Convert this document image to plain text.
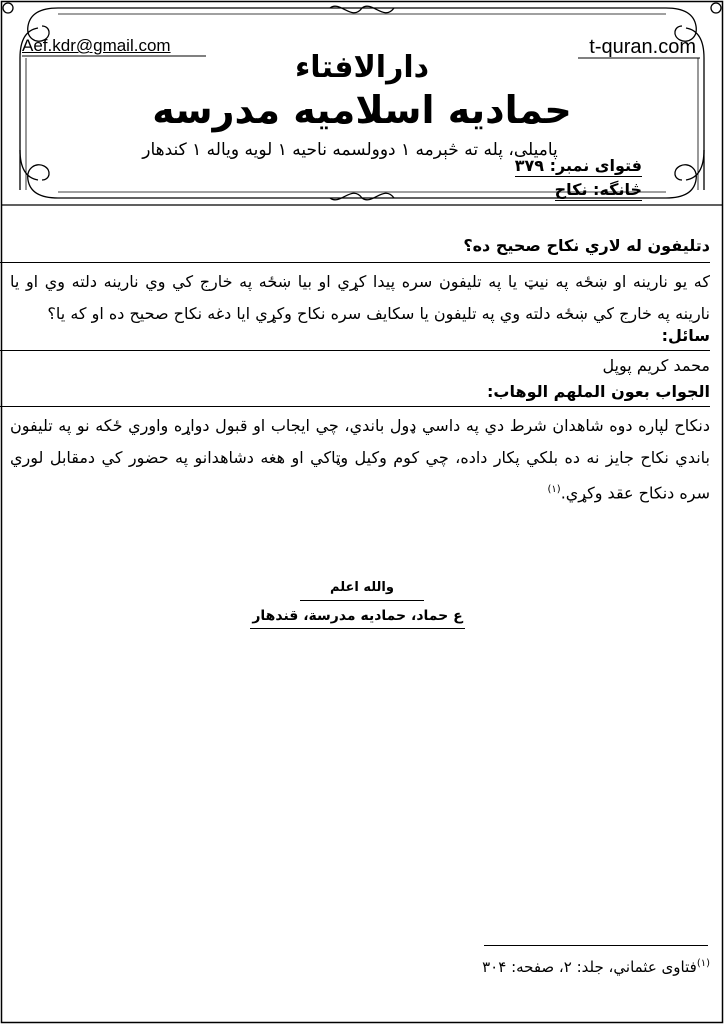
Aef.kdr@gmail.com	t-quran.com
دارالافتاء
حمادیه اسلامیه مدرسه
پامیلی، پله ته څېرمه ۱ دوولسمه ناحیه ۱ لویه ویاله ۱ کندهار
فتوای نمبر: ۳۷۹
څانگه: نکاح
دتلیفون له لاري نکاح صحیح ده؟
که یو نارینه او ښځه په نیټ یا په تلیفون سره پیدا کړي او بیا ښځه په خارج کي وي نارینه دلته وي او یا نارینه په خارج کي ښځه دلته وي په تلیفون یا سکایف سره نکاح وکړي ایا دغه نکاح صحیح ده او که یا؟
سائل:
محمد کریم پوپل
الجواب بعون الملهم الوهاب:
دنکاح لپاره دوه شاهدان شرط دي په داسي ډول باندي، چي ایجاب او قبول دواړه واوري ځکه نو په تلیفون باندي نکاح جایز نه ده بلکي پکار داده، چي کوم وکیل وټاکي او هغه دشاهدانو په حضور کي دمقابل لوري سره دنکاح عقد وکړي.$^{(۱)}$
والله اعلم
ع حماد، حمادیه مدرسة، قندهار
$^{(۱)}$فتاوی عثماني، جلد: ۲، صفحه: ۳۰۴
